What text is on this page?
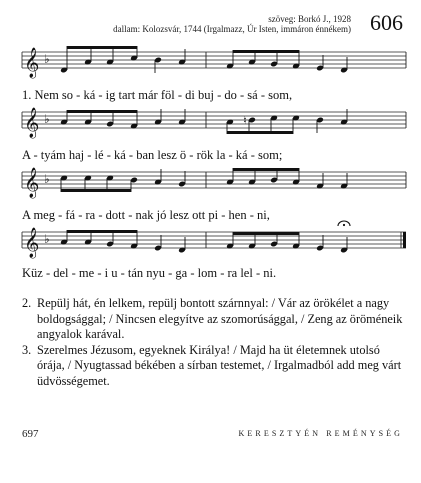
szöveg: Borkó J., 1928
dallam: Kolozsvár, 1744 (Irgalmazz, Úr Isten, immáron énnékem) 606
𝄞 ♭
𝄞 ♭	♮
𝄞 ♭
𝄞 ♭
1. Nem so - ká - ig tart már föl - di buj - do - sá - som,
A - tyám haj - lé - ká - ban lesz ö - rök la - ká - som;
A meg - fá - ra - dott - nak jó lesz ott pi - hen - ni,
Küz - del - me - i u - tán nyu - ga - lom - ra lel - ni.

2. Repülj hát, én lelkem, repülj bontott szárnnyal: / Vár az örökélet a nagy boldogsággal; / Nincsen elegyítve az szomorúsággal, / Zeng az öröméneik angyalok karával.

3. Szerelmes Jézusom, egyeknek Királya! / Majd ha üt életemnek utolsó órája, / Nyugtassad békében a sírban testemet, / Irgalmadból add meg várt üdvösségemet.

697	KERESZTYÉN REMÉNYSÉG
